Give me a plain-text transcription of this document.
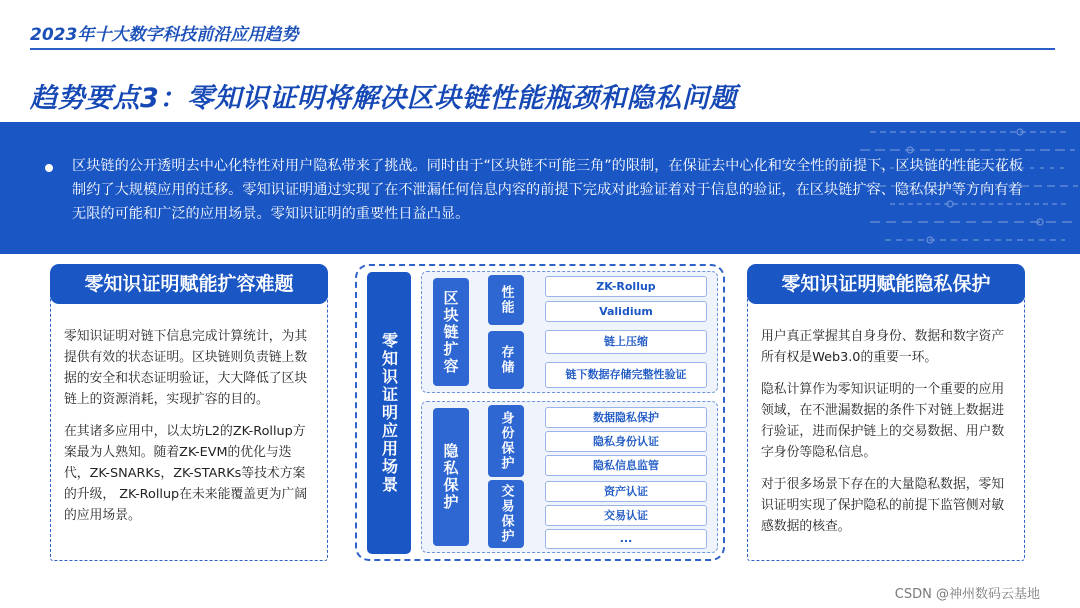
2023年十大数字科技前沿应用趋势
趋势要点3：零知识证明将解决区块链性能瓶颈和隐私问题
区块链的公开透明去中心化特性对用户隐私带来了挑战。同时由于“区块链不可能三角”的限制，在保证去中心化和安全性的前提下，区块链的性能天花板制约了大规模应用的迁移。零知识证明通过实现了在不泄漏任何信息内容的前提下完成对此验证着对于信息的验证，在区块链扩容、隐私保护等方向有着无限的可能和广泛的应用场景。零知识证明的重要性日益凸显。
零知识证明赋能扩容难题

零知识证明对链下信息完成计算统计，为其提供有效的状态证明。区块链则负责链上数据的安全和状态证明验证，大大降低了区块链上的资源消耗，实现扩容的目的。

在其诸多应用中，以太坊L2的ZK-Rollup方案最为人熟知。随着ZK-EVM的优化与迭代，ZK-SNARKs，ZK-STARKs等技术方案的升级， ZK-Rollup在未来能覆盖更为广阔的应用场景。

零知识证明应用场景	区块链扩容
隐私保护
性能
存储
身份保护
交易保护
ZK-Rollup
Validium
链上压缩
链下数据存储完整性验证
数据隐私保护
隐私身份认证
隐私信息监管
资产认证
交易认证
...
零知识证明赋能隐私保护

用户真正掌握其自身身份、数据和数字资产所有权是Web3.0的重要一环。

隐私计算作为零知识证明的一个重要的应用领域，在不泄漏数据的条件下对链上数据进行验证，进而保护链上的交易数据、用户数字身份等隐私信息。

对于很多场景下存在的大量隐私数据，零知识证明实现了保护隐私的前提下监管侧对敏感数据的核查。

CSDN @神州数码云基地
